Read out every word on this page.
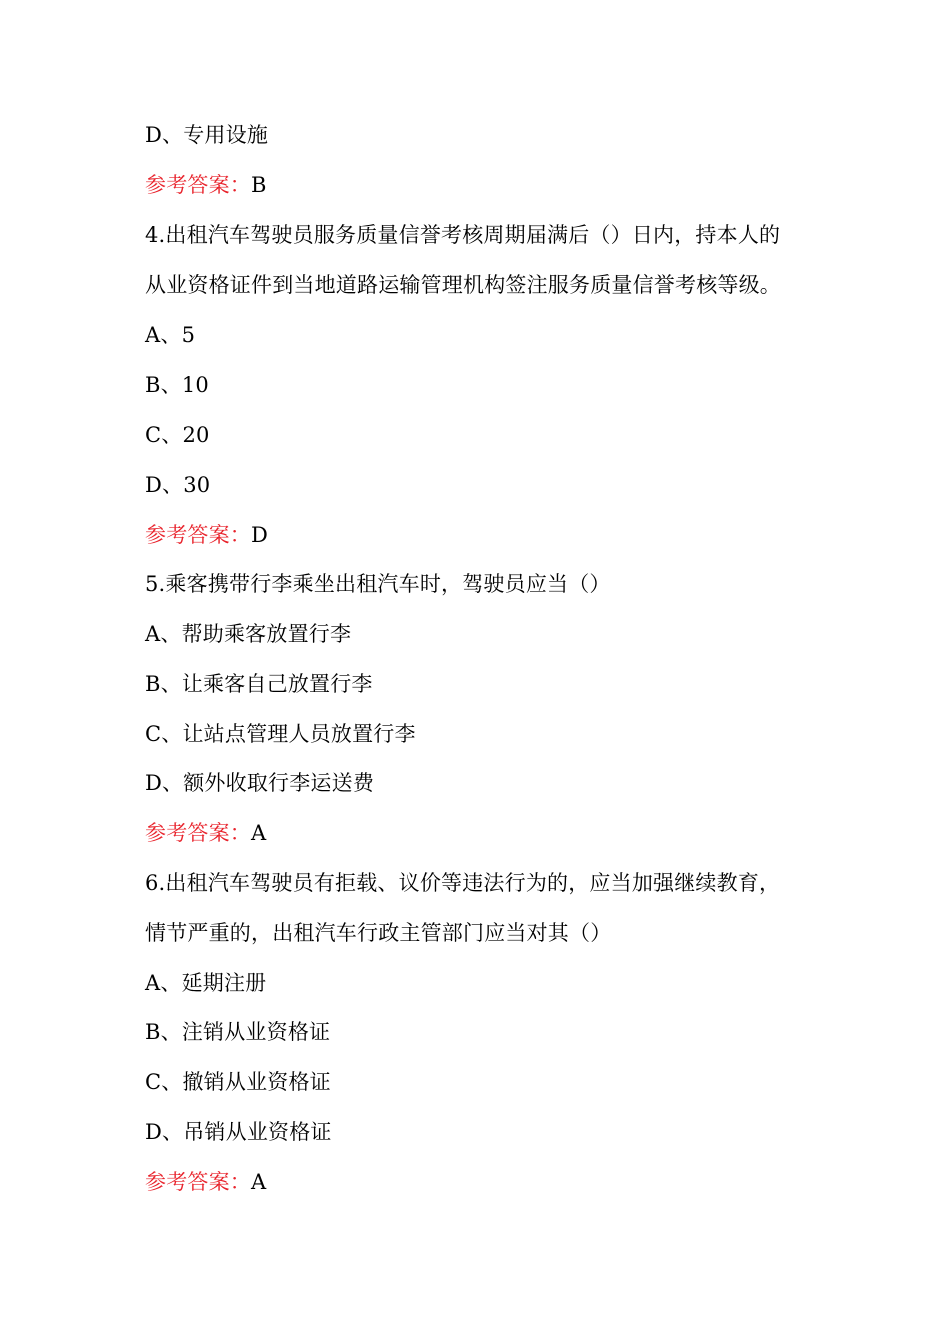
D、专用设施
参考答案：B
4.出租汽车驾驶员服务质量信誉考核周期届满后（）日内，持本人的
从业资格证件到当地道路运输管理机构签注服务质量信誉考核等级。
A、5
B、10
C、20
D、30
参考答案：D
5.乘客携带行李乘坐出租汽车时，驾驶员应当（）
A、帮助乘客放置行李
B、让乘客自己放置行李
C、让站点管理人员放置行李
D、额外收取行李运送费
参考答案：A
6.出租汽车驾驶员有拒载、议价等违法行为的，应当加强继续教育，
情节严重的，出租汽车行政主管部门应当对其（）
A、延期注册
B、注销从业资格证
C、撤销从业资格证
D、吊销从业资格证
参考答案：A
